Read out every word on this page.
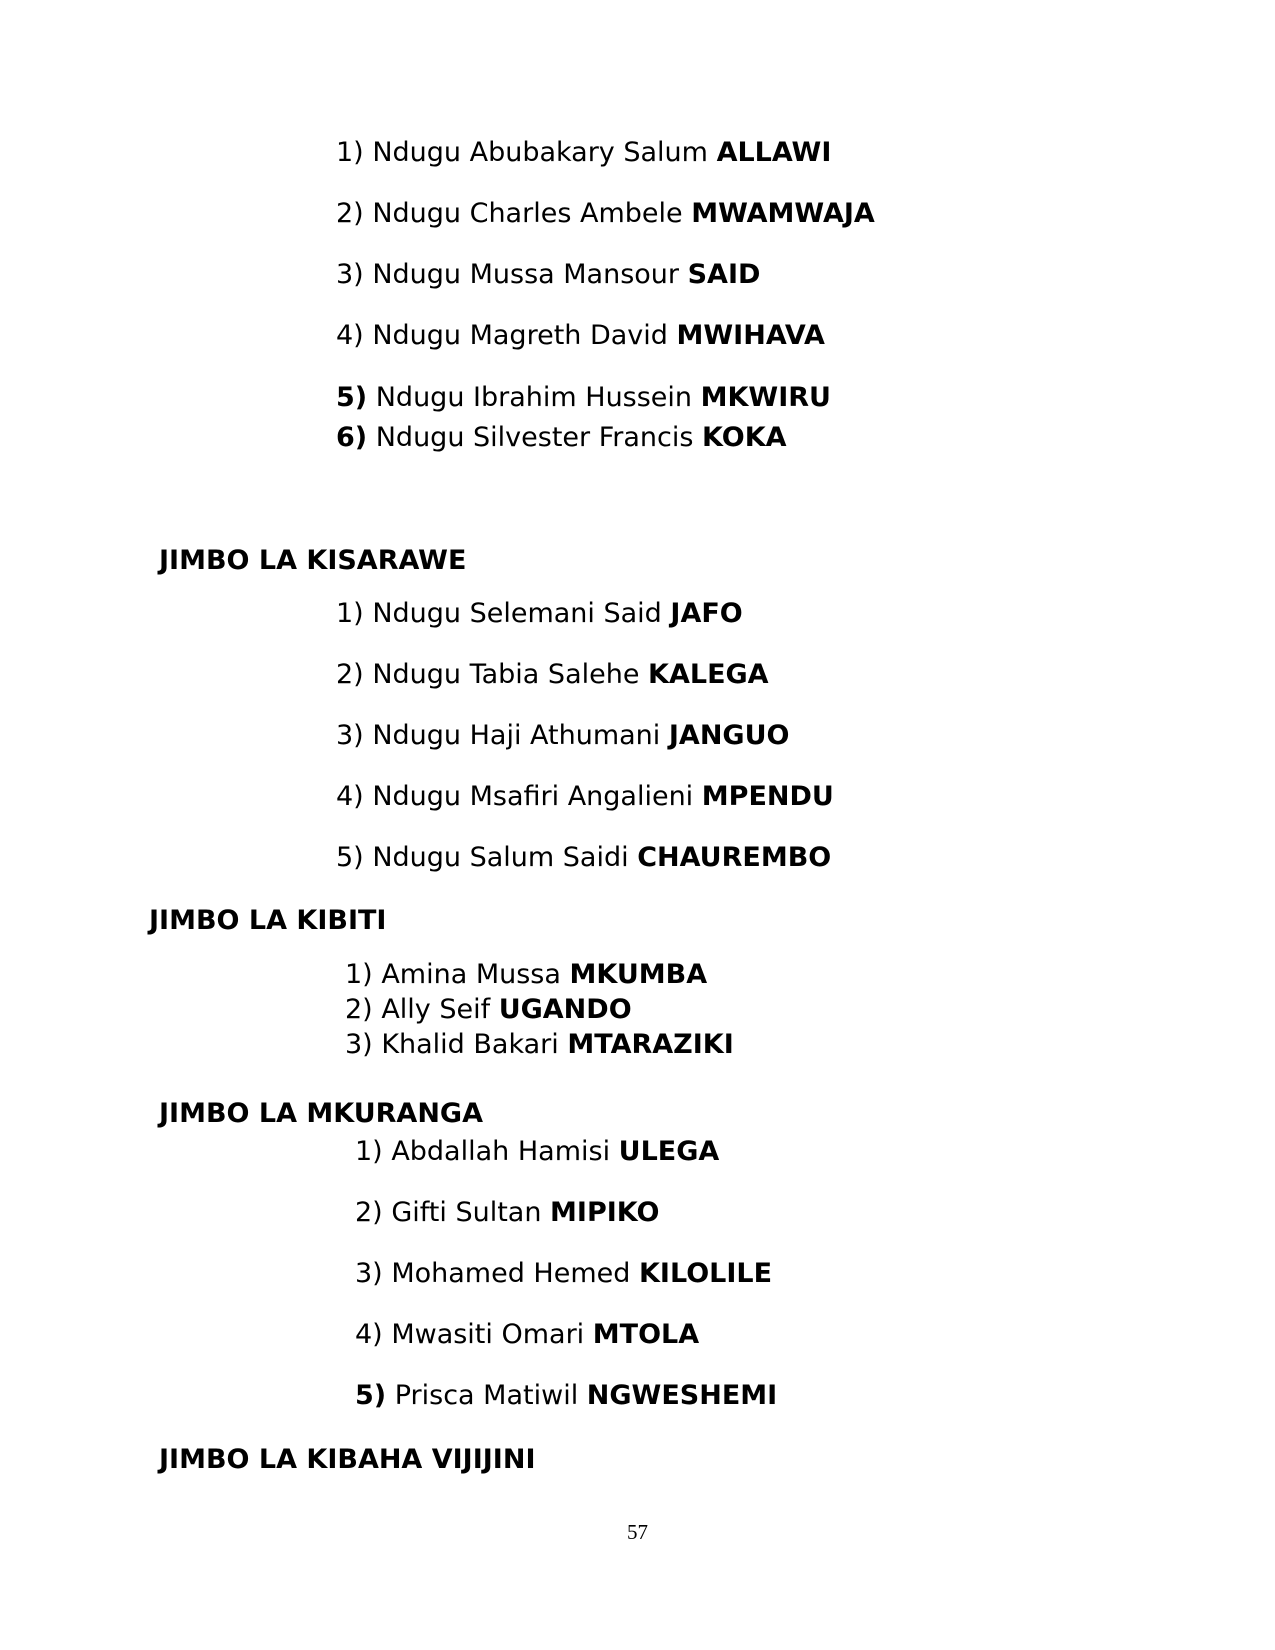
1) Ndugu Abubakary Salum ALLAWI
2) Ndugu Charles Ambele MWAMWAJA
3) Ndugu Mussa Mansour SAID
4) Ndugu Magreth David MWIHAVA
5) Ndugu Ibrahim Hussein MKWIRU
6) Ndugu Silvester Francis KOKA
JIMBO LA KISARAWE
1) Ndugu Selemani Said JAFO
2) Ndugu Tabia Salehe KALEGA
3) Ndugu Haji Athumani JANGUO
4) Ndugu Msafiri Angalieni MPENDU
5) Ndugu Salum Saidi CHAUREMBO
JIMBO LA KIBITI
1) Amina Mussa MKUMBA
2) Ally Seif UGANDO
3) Khalid Bakari MTARAZIKI
JIMBO LA MKURANGA
1) Abdallah Hamisi ULEGA
2) Gifti Sultan MIPIKO
3) Mohamed Hemed KILOLILE
4) Mwasiti Omari MTOLA
5) Prisca Matiwil NGWESHEMI
JIMBO LA KIBAHA VIJIJINI
57
